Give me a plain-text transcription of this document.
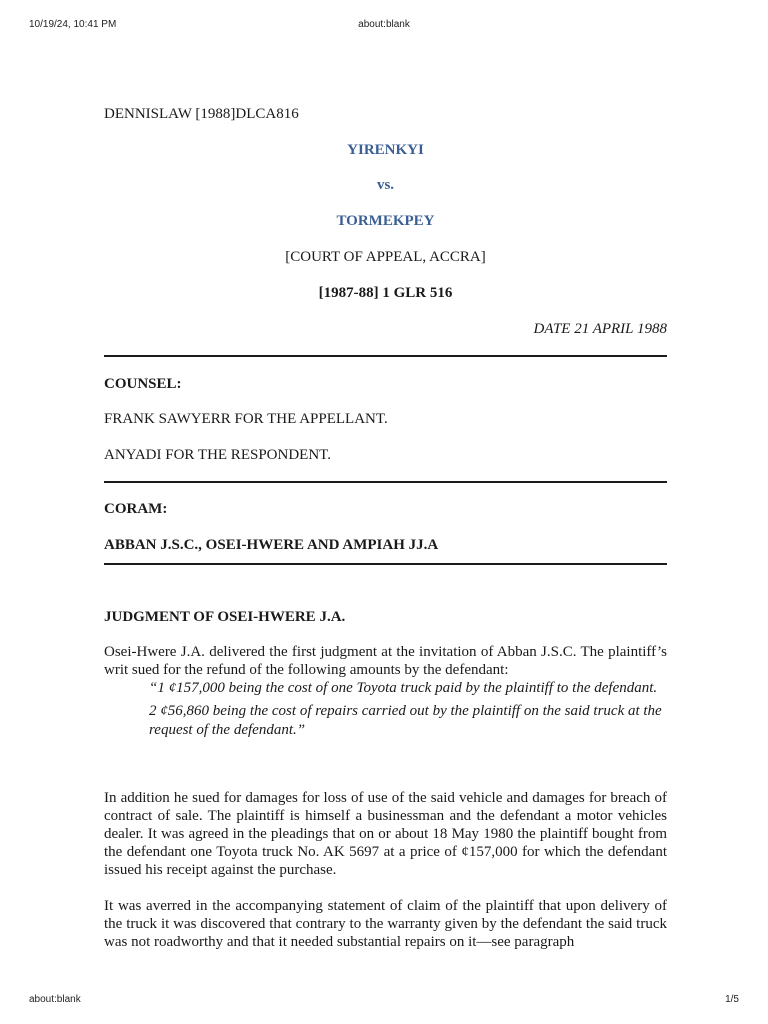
10/19/24, 10:41 PM	about:blank

DENNISLAW [1988]DLCA816

YIRENKYI

vs.

TORMEKPEY

[COURT OF APPEAL, ACCRA]

[1987-88] 1 GLR 516

DATE 21 APRIL 1988

COUNSEL:

FRANK SAWYERR FOR THE APPELLANT.

ANYADI FOR THE RESPONDENT.

CORAM:

ABBAN J.S.C., OSEI-HWERE AND AMPIAH JJ.A

JUDGMENT OF OSEI-HWERE J.A.

Osei-Hwere J.A. delivered the first judgment at the invitation of Abban J.S.C. The plaintiff’s writ sued for the refund of the following amounts by the defendant:

“1 ¢157,000 being the cost of one Toyota truck paid by the plaintiff to the defendant.

2 ¢56,860 being the cost of repairs carried out by the plaintiff on the said truck at the request of the defendant.”

In addition he sued for damages for loss of use of the said vehicle and damages for breach of contract of sale. The plaintiff is himself a businessman and the defendant a motor vehicles dealer. It was agreed in the pleadings that on or about 18 May 1980 the plaintiff bought from the defendant one Toyota truck No. AK 5697 at a price of ¢157,000 for which the defendant issued his receipt against the purchase.

It was averred in the accompanying statement of claim of the plaintiff that upon delivery of the truck it was discovered that contrary to the warranty given by the defendant the said truck was not roadworthy and that it needed substantial repairs on it—see paragraph

about:blank	1/5
